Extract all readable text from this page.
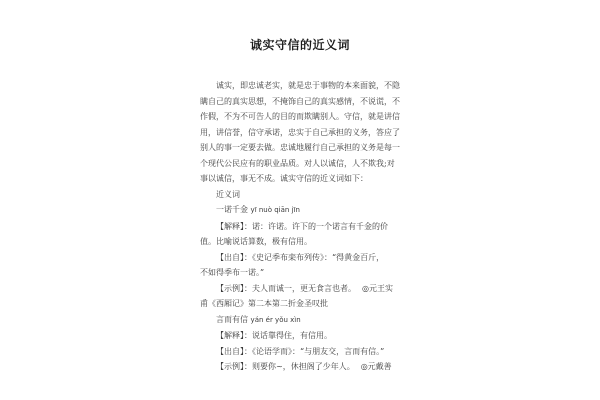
诚实守信的近义词

诚实，即忠诚老实，就是忠于事物的本来面貌，不隐瞒自己的真实思想，不掩饰自己的真实感情，不说谎，不作假，不为不可告人的目的而欺瞒别人。守信，就是讲信用，讲信誉，信守承诺，忠实于自己承担的义务，答应了别人的事一定要去做。忠诚地履行自己承担的义务是每一个现代公民应有的职业品质。对人以诚信，人不欺我;对事以诚信，事无不成。诚实守信的近义词如下：

近义词

一诺千金 yī nuò qiān jīn

【解释】：诺：许诺。许下的一个诺言有千金的价

值。比喻说话算数，极有信用。

【出自】：《史记季布栾布列传》：“得黄金百斤，

不如得季布一诺。”

【示例】：夫人而诚一，更无食言也者。 ◎元王实

甫《西厢记》第二本第二折金圣叹批

言而有信 yán ér yǒu xìn

【解释】：说话靠得住，有信用。

【出自】：《论语学而》：“与朋友交，言而有信。”

【示例】：则要你~，休担阁了少年人。 ◎元戴善
